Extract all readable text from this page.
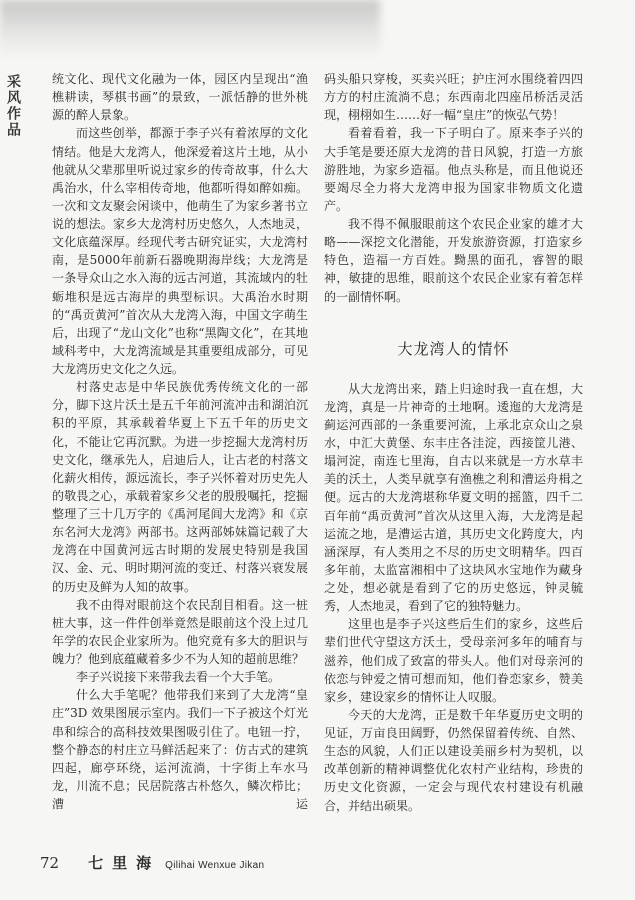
采风作品	统文化、现代文化融为一体，园区内呈现出“渔樵耕读，琴棋书画”的景致，一派恬静的世外桃源的醉人景象。

而这些创举，都源于李子兴有着浓厚的文化情结。他是大龙湾人，他深爱着这片土地，从小他就从父辈那里听说过家乡的传奇故事，什么大禹治水，什么宰相传奇地，他都听得如醉如痴。一次和文友聚会闲谈中，他萌生了为家乡著书立说的想法。家乡大龙湾村历史悠久，人杰地灵，文化底蕴深厚。经现代考古研究证实，大龙湾村南，是5000年前新石器晚期海岸线；大龙湾是一条导众山之水入海的远古河道，其流域内的牡蛎堆积是远古海岸的典型标识。大禹治水时期的“禹贡黄河”首次从大龙湾入海，中国文字萌生后，出现了“龙山文化”也称“黑陶文化”，在其地域科考中，大龙湾流域是其重要组成部分，可见大龙湾历史文化之久远。

村落史志是中华民族优秀传统文化的一部分，脚下这片沃土是五千年前河流冲击和湖泊沉积的平原，其承载着华夏上下五千年的历史文化，不能让它再沉默。为进一步挖掘大龙湾村历史文化，继承先人，启迪后人，让古老的村落文化薪火相传，源远流长，李子兴怀着对历史先人的敬畏之心，承载着家乡父老的殷殷嘱托，挖掘整理了三十几万字的《禹河尾闾大龙湾》和《京东名河大龙湾》两部书。这两部姊妹篇记载了大龙湾在中国黄河远古时期的发展史特别是我国汉、金、元、明时期河流的变迁、村落兴衰发展的历史及鲜为人知的故事。

我不由得对眼前这个农民刮目相看。这一桩桩大事，这一件件创举竟然是眼前这个没上过几年学的农民企业家所为。他究竟有多大的胆识与魄力？他到底蕴藏着多少不为人知的超前思维？

李子兴说接下来带我去看一个大手笔。

什么大手笔呢？他带我们来到了大龙湾“皇庄”3D 效果图展示室内。我们一下子被这个灯光串和综合的高科技效果图吸引住了。电钮一拧，整个静态的村庄立马鲜活起来了：仿古式的建筑四起，廊亭环绕，运河流淌，十字街上车水马龙，川流不息；民居院落古朴悠久，鳞次栉比；漕运

码头船只穿梭，买卖兴旺；护庄河水围绕着四四方方的村庄流淌不息；东西南北四座吊桥活灵活现，栩栩如生……好一幅“皇庄”的恢弘气势！

看着看着，我一下子明白了。原来李子兴的大手笔是要还原大龙湾的昔日风貌，打造一方旅游胜地，为家乡造福。他点头称是，而且他说还要竭尽全力将大龙湾申报为国家非物质文化遗产。

我不得不佩服眼前这个农民企业家的雄才大略——深挖文化潜能，开发旅游资源，打造家乡特色，造福一方百姓。黝黑的面孔，睿智的眼神，敏捷的思维，眼前这个农民企业家有着怎样的一副情怀啊。

大龙湾人的情怀

从大龙湾出来，踏上归途时我一直在想，大龙湾，真是一片神奇的土地啊。逶迤的大龙湾是蓟运河西部的一条重要河流，上承北京众山之泉水，中汇大黄堡、东丰庄各洼淀，西接筐儿港、塌河淀，南连七里海，自古以来就是一方水草丰美的沃土，人类早就享有渔樵之利和漕运舟楫之便。远古的大龙湾堪称华夏文明的摇篮，四千二百年前“禹贡黄河”首次从这里入海，大龙湾是起运流之地，是漕运古道，其历史文化跨度大，内涵深厚，有人类用之不尽的历史文明精华。四百多年前，太监富湘相中了这块风水宝地作为藏身之处，想必就是看到了它的历史悠远，钟灵毓秀，人杰地灵，看到了它的独特魅力。

这里也是李子兴这些后生们的家乡，这些后辈们世代守望这方沃土，受母亲河多年的哺育与滋养，他们成了致富的带头人。他们对母亲河的依恋与钟爱之情可想而知，他们眷恋家乡，赞美家乡，建设家乡的情怀让人叹服。

今天的大龙湾，正是数千年华夏历史文明的见证，万亩良田阔野，仍然保留着传统、自然、生态的风貌，人们正以建设美丽乡村为契机，以改革创新的精神调整优化农村产业结构，珍贵的历史文化资源，一定会与现代农村建设有机融合，并结出硕果。

72 七里海 Qilihai Wenxue Jikan
